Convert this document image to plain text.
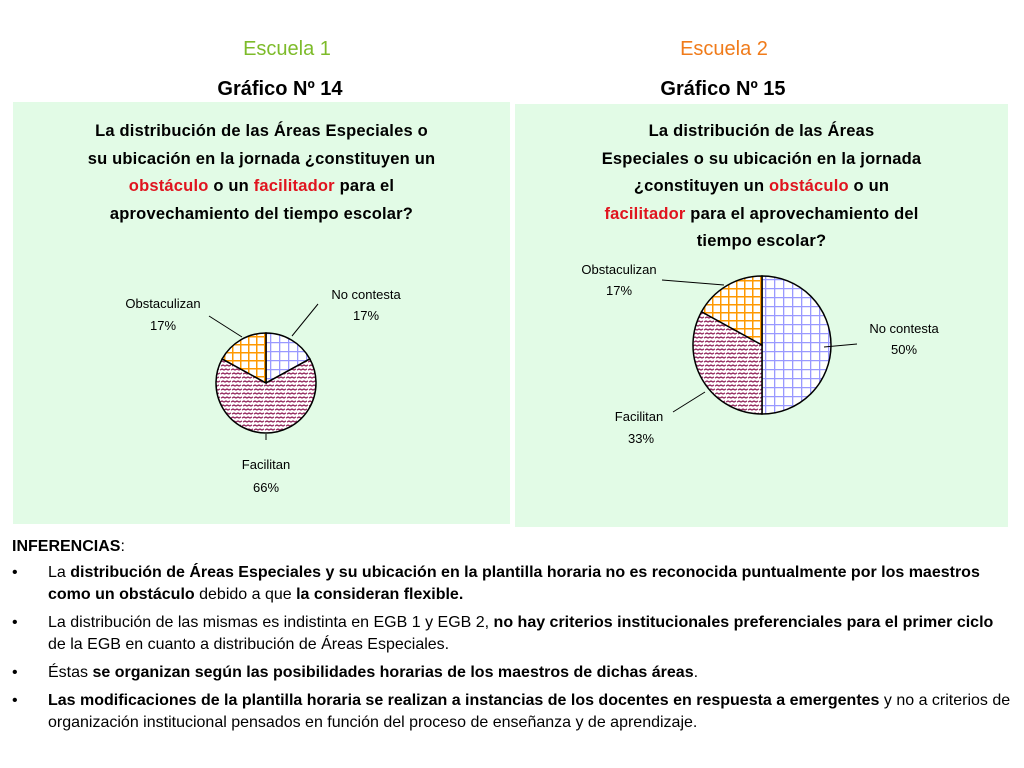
Escuela 1	Escuela 2
Gráfico Nº 14	Gráfico Nº 15
La distribución de las Áreas Especiales o
su ubicación en la jornada ¿constituyen un
obstáculo o un facilitador para el
aprovechamiento del tiempo escolar?
La distribución de las Áreas
Especiales o su ubicación en la jornada
¿constituyen un obstáculo o un
facilitador para el aprovechamiento del
tiempo escolar?
Obstaculizan
17%
No contesta
17%
Facilitan
66%
Obstaculizan
17%
No contesta
50%
Facilitan
33%
INFERENCIAS:
• La distribución de Áreas Especiales y su ubicación en la plantilla horaria no es reconocida puntualmente por los maestros como un obstáculo debido a que la consideran flexible.
• La distribución de las mismas es indistinta en EGB 1 y EGB 2, no hay criterios institucionales preferenciales para el primer ciclo de la EGB en cuanto a distribución de Áreas Especiales.
• Éstas se organizan según las posibilidades horarias de los maestros de dichas áreas.
• Las modificaciones de la plantilla horaria se realizan a instancias de los docentes en respuesta a emergentes y no a criterios de organización institucional pensados en función del proceso de enseñanza y de aprendizaje.
